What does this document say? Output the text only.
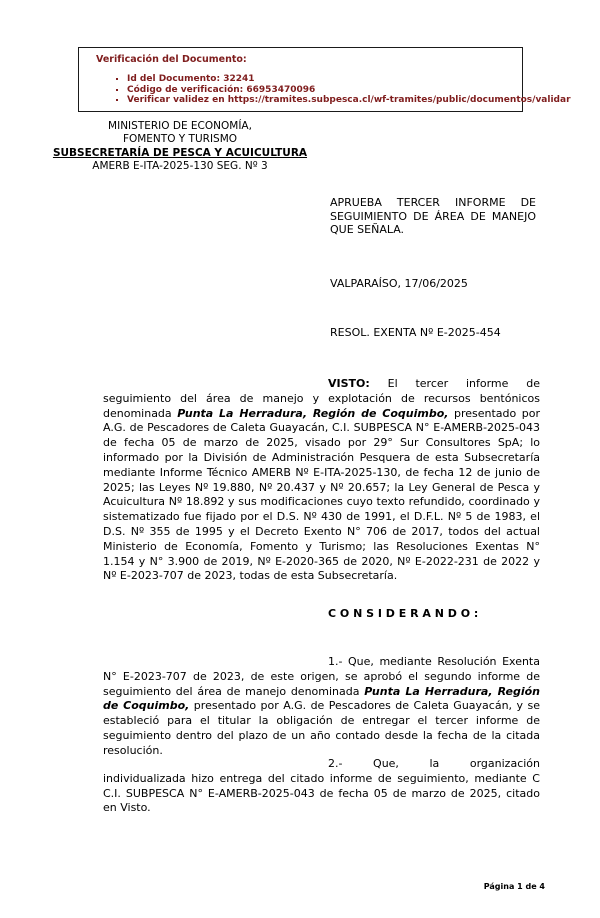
Verificación del Documento:
▪ Id del Documento: 32241
▪ Código de verificación: 66953470096
▪ Verificar validez en https://tramites.subpesca.cl/wf-tramites/public/documentos/validar
MINISTERIO DE ECONOMÍA,
FOMENTO Y TURISMO
SUBSECRETARÍA DE PESCA Y ACUICULTURA
AMERB E-ITA-2025-130 SEG. Nº 3
APRUEBA TERCER INFORME DE SEGUIMIENTO DE ÁREA DE MANEJO QUE SEÑALA.
VALPARAÍSO, 17/06/2025
RESOL. EXENTA Nº E-2025-454

VISTO: El tercer informe de seguimiento del área de manejo y explotación de recursos bentónicos denominada Punta La Herradura, Región de Coquimbo, presentado por A.G. de Pescadores de Caleta Guayacán, C.I. SUBPESCA N° E-AMERB-2025-043 de fecha 05 de marzo de 2025, visado por 29° Sur Consultores SpA; lo informado por la División de Administración Pesquera de esta Subsecretaría mediante Informe Técnico AMERB Nº E-ITA-2025-130, de fecha 12 de junio de 2025; las Leyes Nº 19.880, Nº 20.437 y Nº 20.657; la Ley General de Pesca y Acuicultura Nº 18.892 y sus modificaciones cuyo texto refundido, coordinado y sistematizado fue fijado por el D.S. Nº 430 de 1991, el D.F.L. Nº 5 de 1983, el D.S. Nº 355 de 1995 y el Decreto Exento N° 706 de 2017, todos del actual Ministerio de Economía, Fomento y Turismo; las Resoluciones Exentas N° 1.154 y N° 3.900 de 2019, Nº E-2020-365 de 2020, Nº E-2022-231 de 2022 y Nº E-2023-707 de 2023, todas de esta Subsecretaría.

C O N S I D E R A N D O :

1.- Que, mediante Resolución Exenta N° E-2023-707 de 2023, de este origen, se aprobó el segundo informe de seguimiento del área de manejo denominada Punta La Herradura, Región de Coquimbo, presentado por A.G. de Pescadores de Caleta Guayacán, y se estableció para el titular la obligación de entregar el tercer informe de seguimiento dentro del plazo de un año contado desde la fecha de la citada resolución.

2.- Que, la organización individualizada hizo entrega del citado informe de seguimiento, mediante C C.I. SUBPESCA N° E-AMERB-2025-043 de fecha 05 de marzo de 2025, citado en Visto.

Página 1 de 4
